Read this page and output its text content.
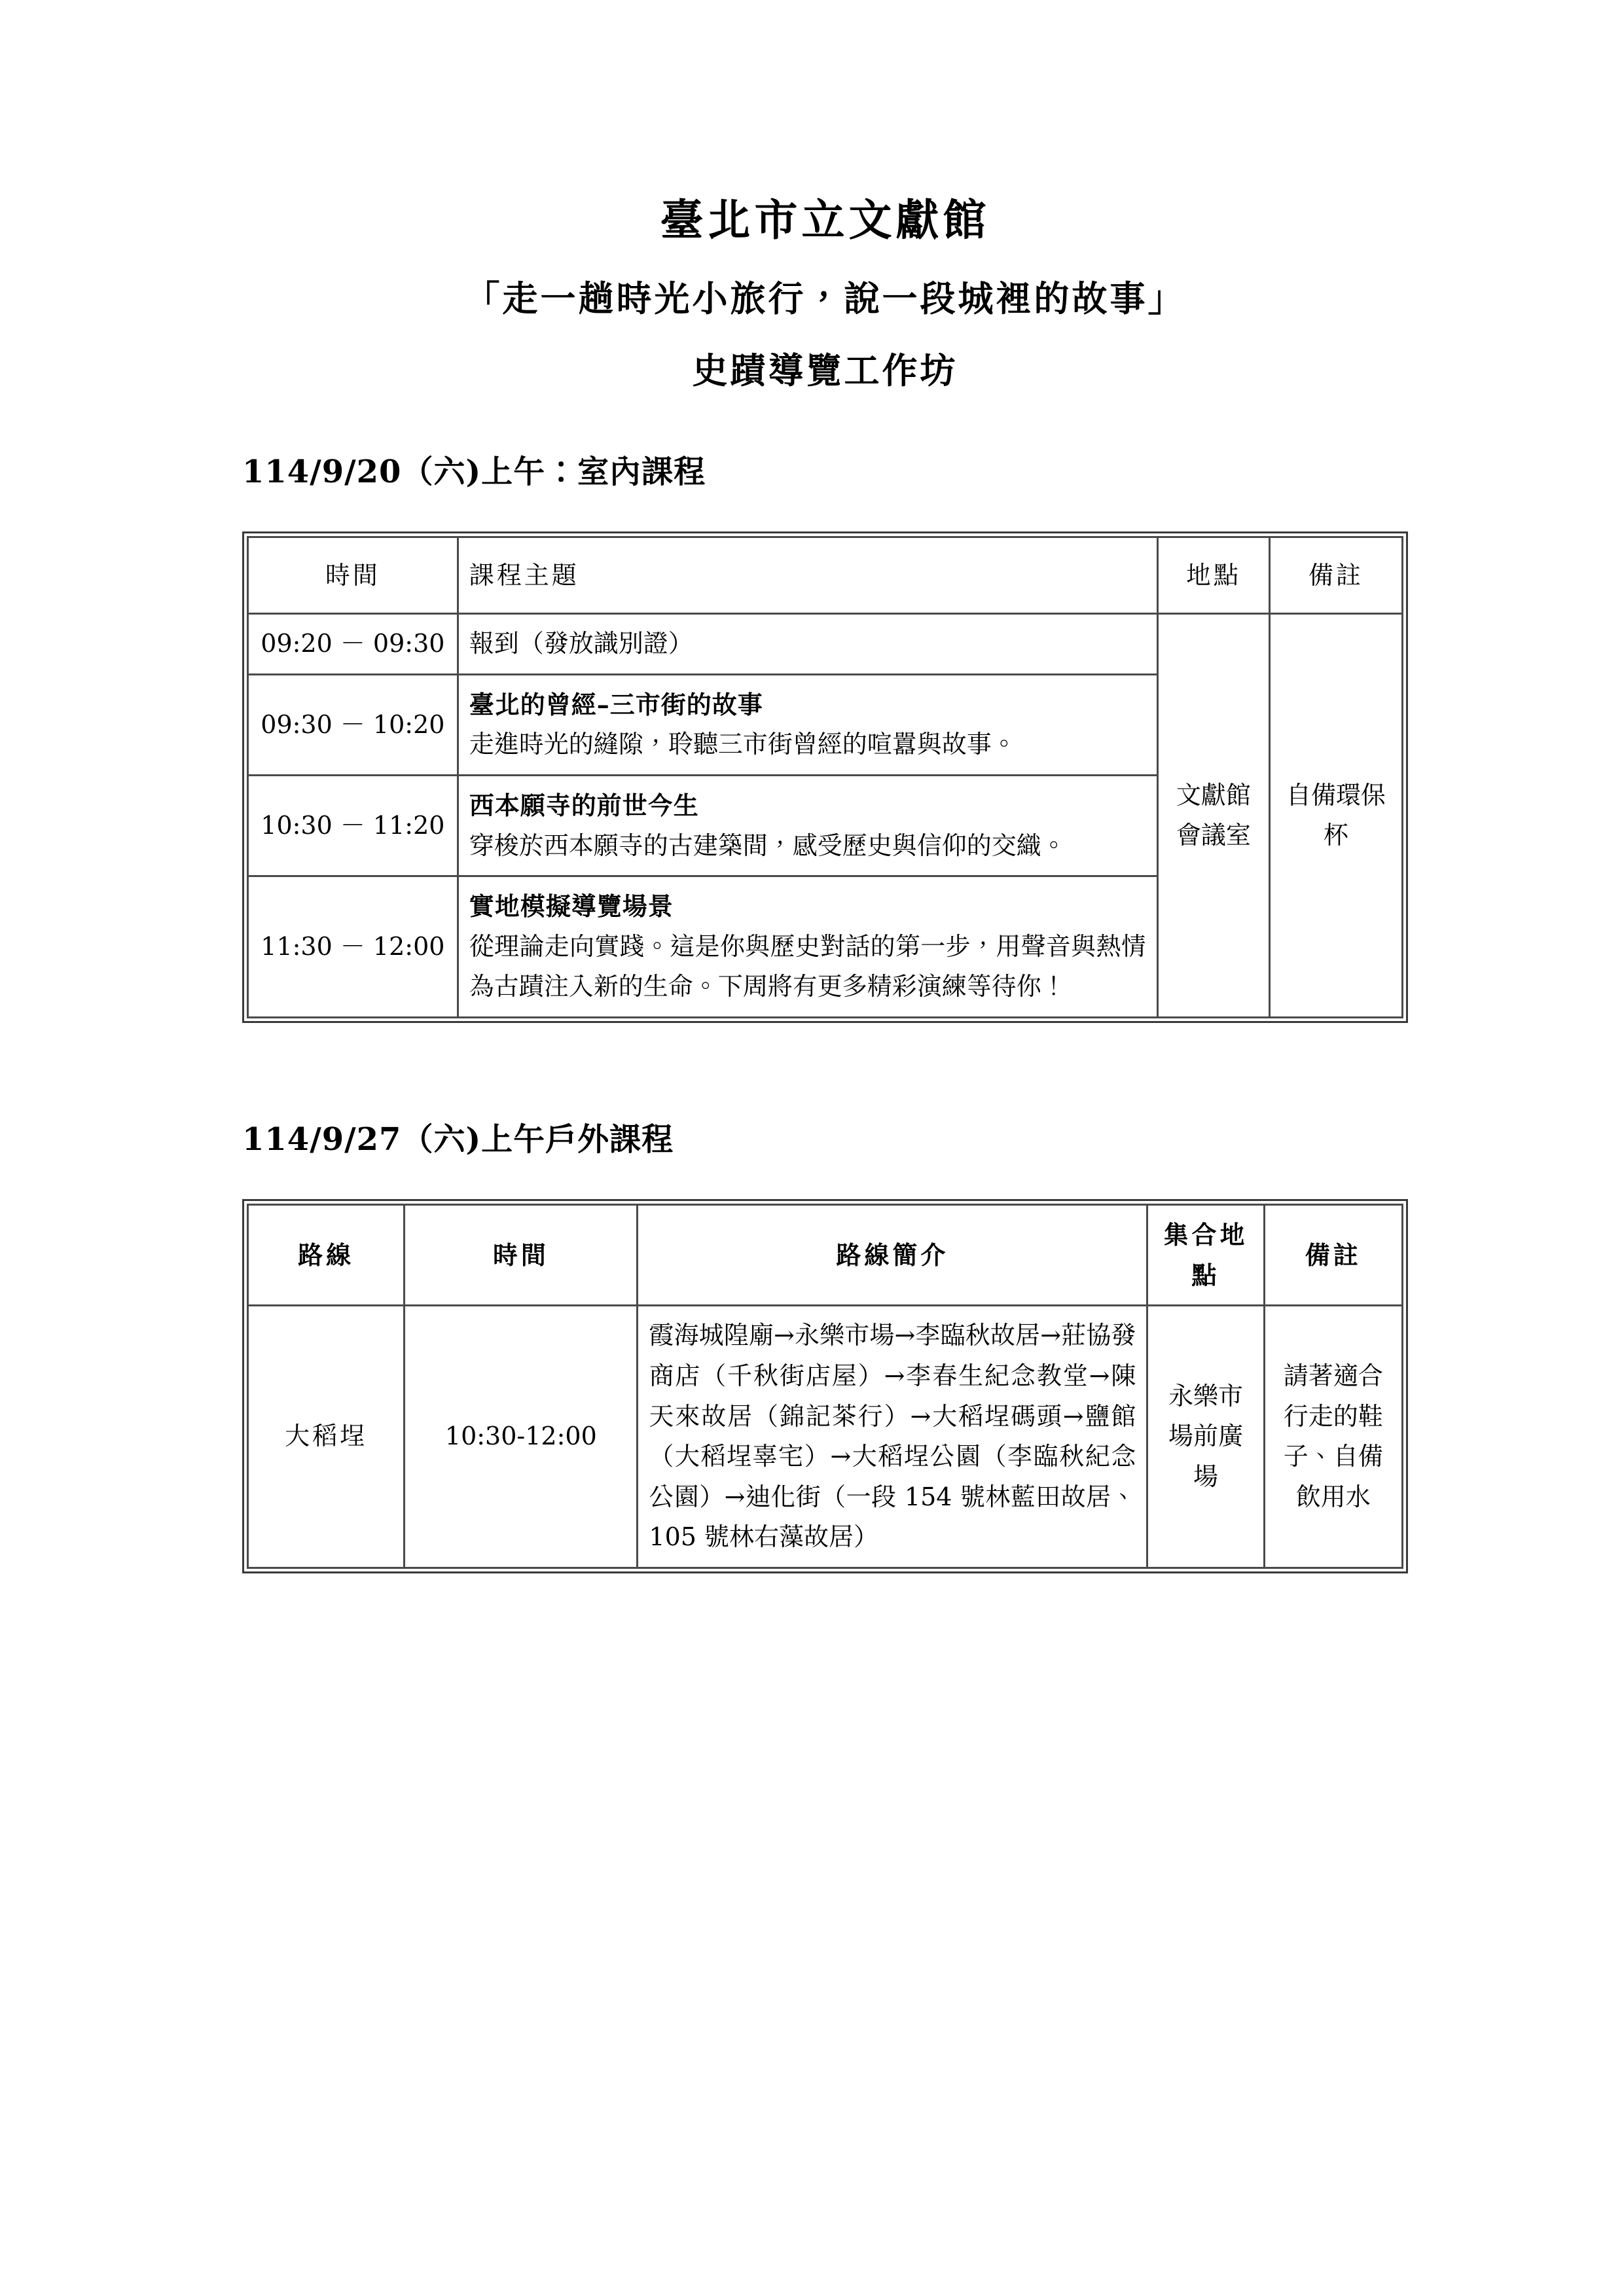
臺北市立文獻館
「走一趟時光小旅行，說一段城裡的故事」
史蹟導覽工作坊
114/9/20（六)上午：室內課程
時間	課程主題	地點	備註
09:20 － 09:30	報到（發放識別證）	文獻館會議室	自備環保杯
09:30 － 10:20	臺北的曾經–三市街的故事
走進時光的縫隙，聆聽三市街曾經的喧囂與故事。		

10:30 － 11:20	西本願寺的前世今生
穿梭於西本願寺的古建築間，感受歷史與信仰的交織。		

11:30 － 12:00	實地模擬導覽場景
從理論走向實踐。這是你與歷史對話的第一步，用聲音與熱情為古蹟注入新的生命。下周將有更多精彩演練等待你！		
114/9/27（六)上午戶外課程
路線	時間	路線簡介	集合地點	備註
大稻埕	10:30-12:00	霞海城隍廟→永樂市場→李臨秋故居→莊協發商店（千秋街店屋）→李春生紀念教堂→陳天來故居（錦記茶行）→大稻埕碼頭→鹽館（大稻埕辜宅）→大稻埕公園（李臨秋紀念公園）→迪化街（一段 154 號林藍田故居、105 號林右藻故居）	永樂市場前廣場	請著適合行走的鞋子、自備飲用水
